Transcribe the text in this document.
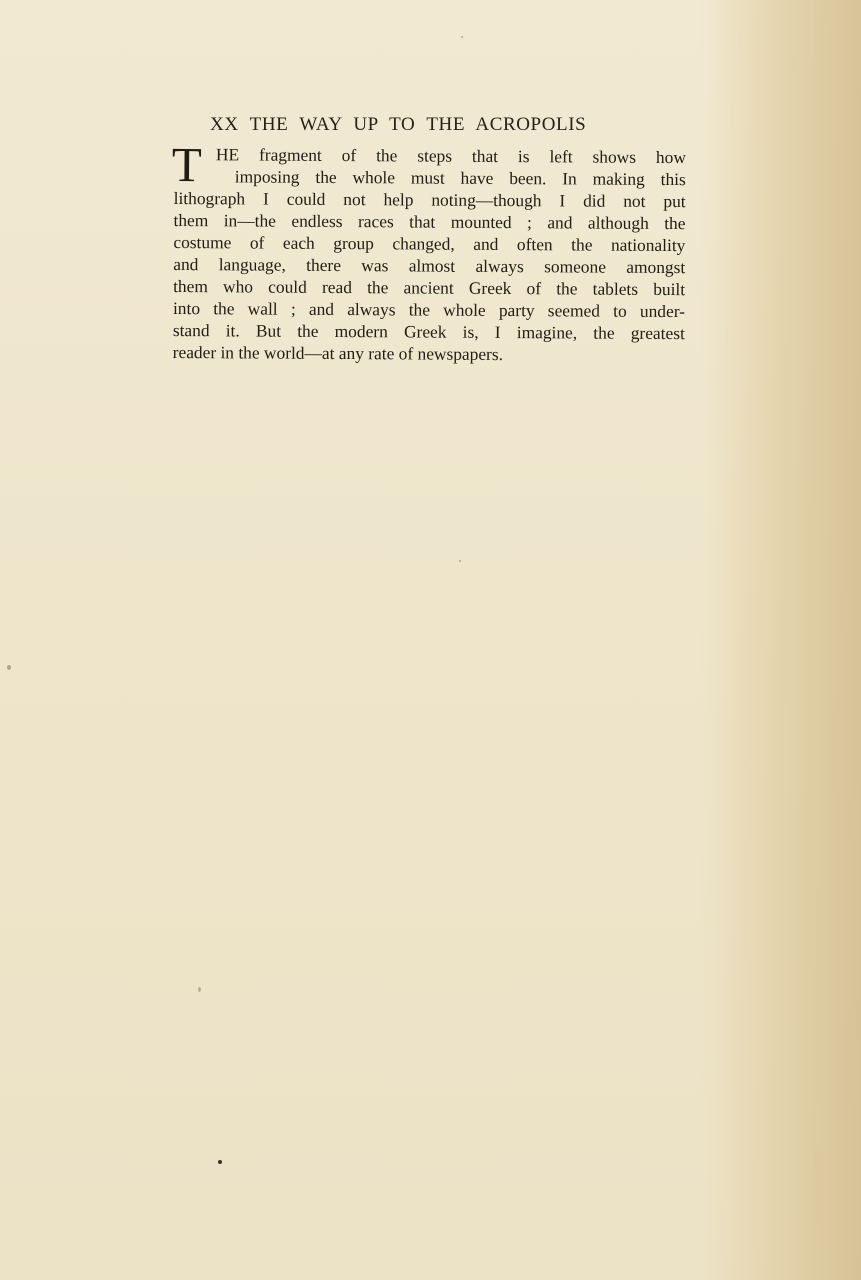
XX THE WAY UP TO THE ACROPOLIS
T HE fragment of the steps that is left shows how
imposing the whole must have been. In making this
lithograph I could not help noting—though I did not put
them in—the endless races that mounted ; and although the
costume of each group changed, and often the nationality
and language, there was almost always someone amongst
them who could read the ancient Greek of the tablets built
into the wall ; and always the whole party seemed to under-
stand it. But the modern Greek is, I imagine, the greatest
reader in the world—at any rate of newspapers.
